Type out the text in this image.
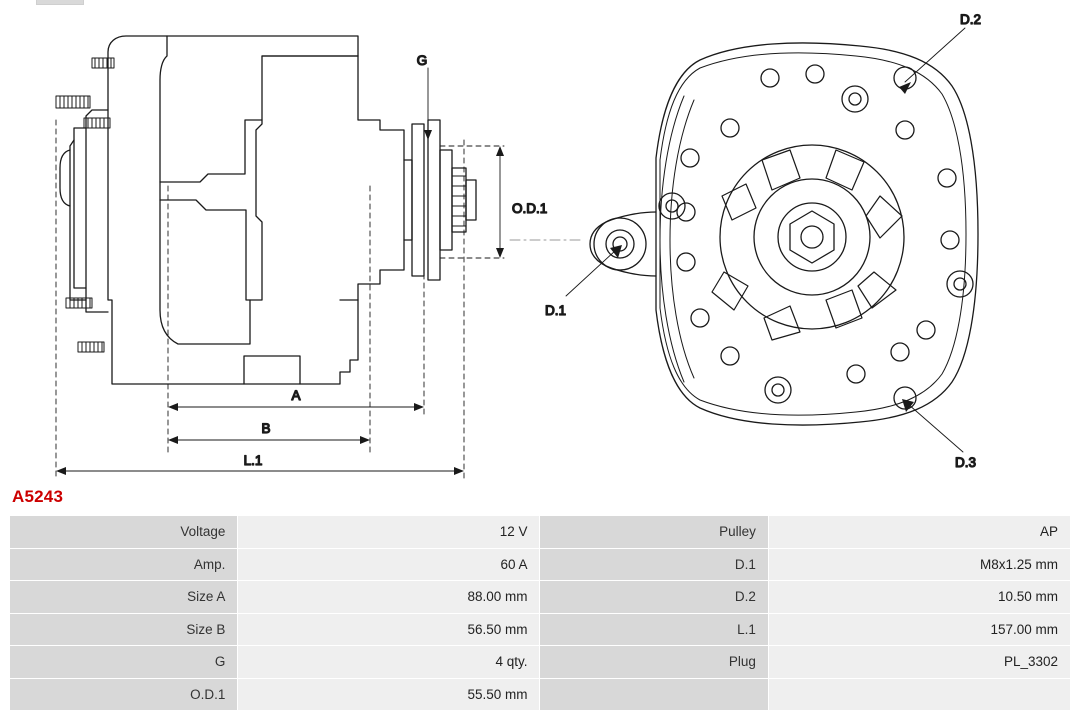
G
O.D.1
A
B
L.1
D.2
D.3
D.1
A5243
Voltage	12 V	Pulley	AP
Amp.	60 A	D.1	M8x1.25 mm
Size A	88.00 mm	D.2	10.50 mm
Size B	56.50 mm	L.1	157.00 mm
G	4 qty.	Plug	PL_3302
O.D.1	55.50 mm		
